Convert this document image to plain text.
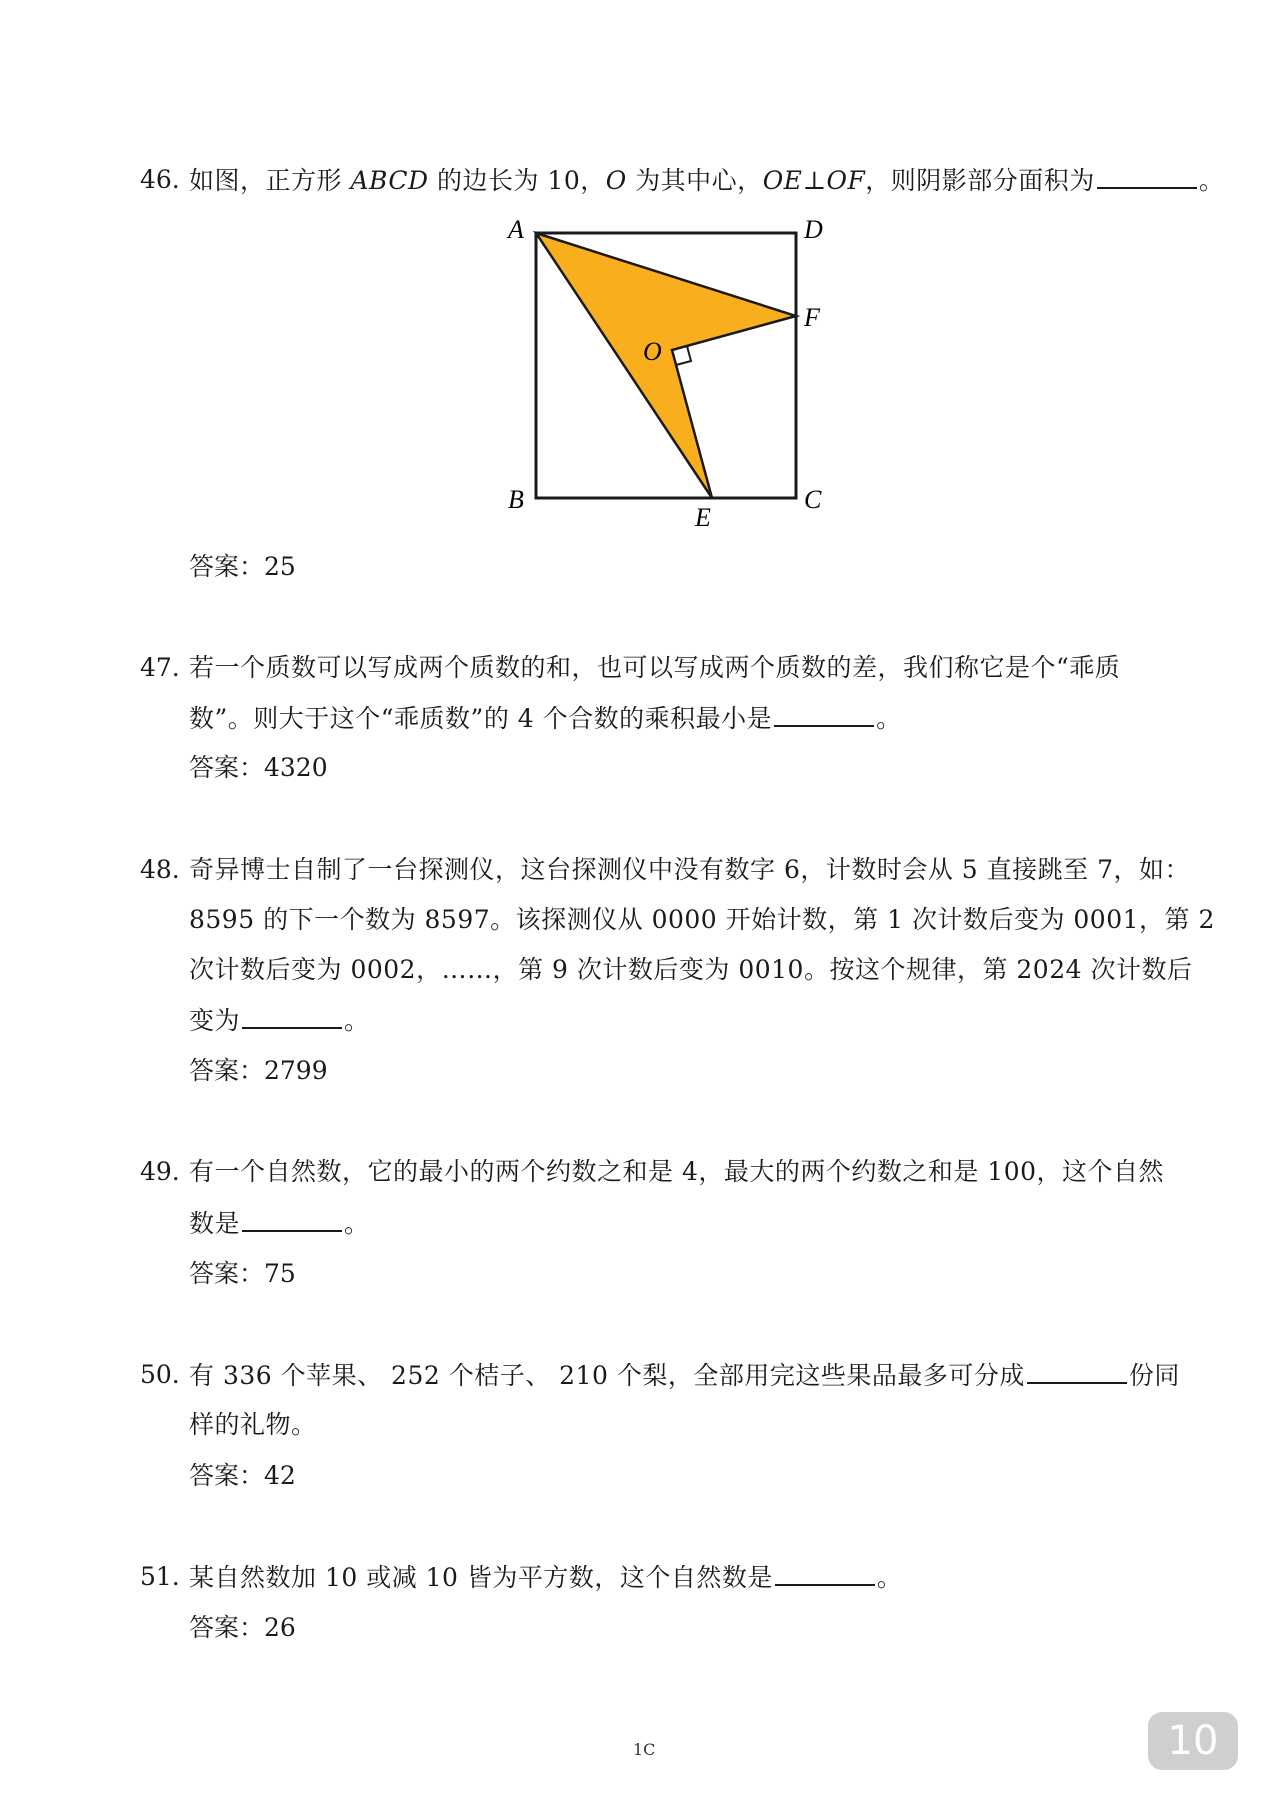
46. 如图，正方形 ABCD 的边长为 10，O 为其中心，OE⊥OF，则阴影部分面积为	。
A	D
F
O
B	C
E
答案：25
47. 若一个质数可以写成两个质数的和，也可以写成两个质数的差，我们称它是个“乖质
数”。则大于这个“乖质数”的 4 个合数的乘积最小是	。
答案：4320
48. 奇异博士自制了一台探测仪，这台探测仪中没有数字 6，计数时会从 5 直接跳至 7，如：
8595 的下一个数为 8597。该探测仪从 0000 开始计数，第 1 次计数后变为 0001，第 2
次计数后变为 0002，……，第 9 次计数后变为 0010。按这个规律，第 2024 次计数后
变为	。
答案：2799
49. 有一个自然数，它的最小的两个约数之和是 4，最大的两个约数之和是 100，这个自然
数是	。
答案：75
50. 有 336 个苹果、 252 个桔子、 210 个梨，全部用完这些果品最多可分成	份同
样的礼物。
答案：42
51. 某自然数加 10 或减 10 皆为平方数，这个自然数是	。
答案：26
1C	10
